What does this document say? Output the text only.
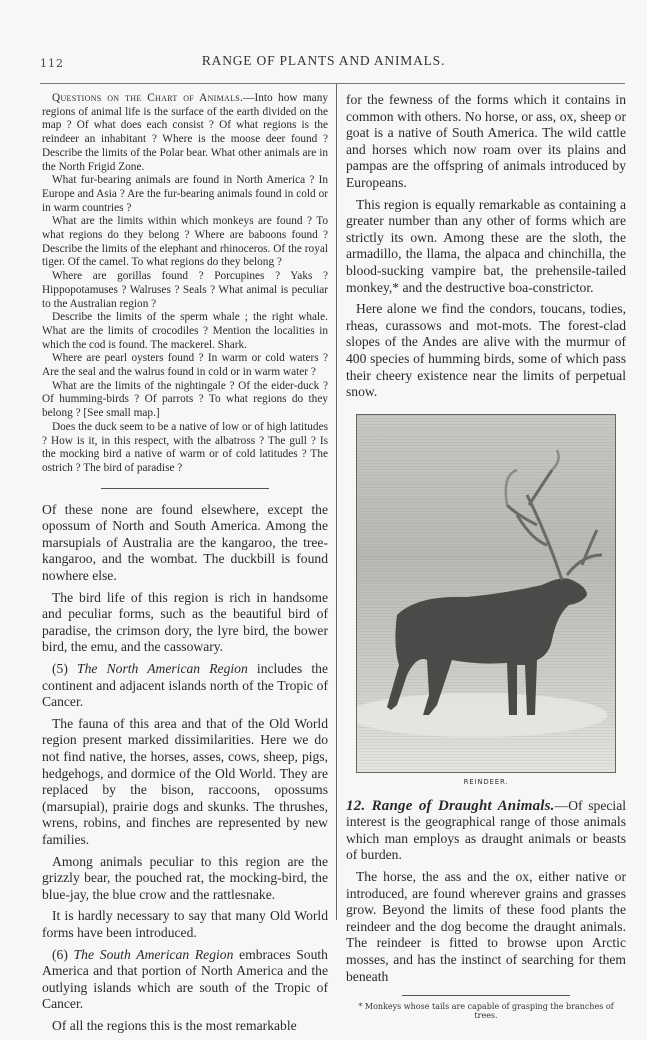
112	RANGE OF PLANTS AND ANIMALS.

Questions on the Chart of Animals.—Into how many regions of animal life is the surface of the earth divided on the map ? Of what does each consist ? Of what regions is the reindeer an inhabitant ? Where is the moose deer found ? Describe the limits of the Polar bear. What other animals are in the North Frigid Zone.

What fur-bearing animals are found in North America ? In Europe and Asia ? Are the fur-bearing animals found in cold or in warm countries ?

What are the limits within which monkeys are found ? To what regions do they belong ? Where are baboons found ? Describe the limits of the elephant and rhinoceros. Of the royal tiger. Of the camel. To what regions do they belong ?

Where are gorillas found ? Porcupines ? Yaks ? Hippopotamuses ? Walruses ? Seals ? What animal is peculiar to the Australian region ?

Describe the limits of the sperm whale ; the right whale. What are the limits of crocodiles ? Mention the localities in which the cod is found. The mackerel. Shark.

Where are pearl oysters found ? In warm or cold waters ? Are the seal and the walrus found in cold or in warm water ?

What are the limits of the nightingale ? Of the eider-duck ? Of humming-birds ? Of parrots ? To what regions do they belong ? [See small map.]

Does the duck seem to be a native of low or of high latitudes ? How is it, in this respect, with the albatross ? The gull ? Is the mocking bird a native of warm or of cold latitudes ? The ostrich ? The bird of paradise ?

Of these none are found elsewhere, except the opossum of North and South America. Among the marsupials of Australia are the kangaroo, the tree-kangaroo, and the wombat. The duckbill is found nowhere else.

The bird life of this region is rich in handsome and peculiar forms, such as the beautiful bird of paradise, the crimson dory, the lyre bird, the bower bird, the emu, and the cassowary.

(5) The North American Region includes the continent and adjacent islands north of the Tropic of Cancer.

The fauna of this area and that of the Old World region present marked dissimilarities. Here we do not find native, the horses, asses, cows, sheep, pigs, hedgehogs, and dormice of the Old World. They are replaced by the bison, raccoons, opossums (marsupial), prairie dogs and skunks. The thrushes, wrens, robins, and finches are represented by new families.

Among animals peculiar to this region are the grizzly bear, the pouched rat, the mocking-bird, the blue-jay, the blue crow and the rattlesnake.

It is hardly necessary to say that many Old World forms have been introduced.

(6) The South American Region embraces South America and that portion of North America and the outlying islands which are south of the Tropic of Cancer.

Of all the regions this is the most remarkable

for the fewness of the forms which it contains in common with others. No horse, or ass, ox, sheep or goat is a native of South America. The wild cattle and horses which now roam over its plains and pampas are the offspring of animals introduced by Europeans.

This region is equally remarkable as containing a greater number than any other of forms which are strictly its own. Among these are the sloth, the armadillo, the llama, the alpaca and chinchilla, the blood-sucking vampire bat, the prehensile-tailed monkey,* and the destructive boa-constrictor.

Here alone we find the condors, toucans, todies, rheas, curassows and mot-mots. The forest-clad slopes of the Andes are alive with the murmur of 400 species of humming birds, some of which pass their cheery existence near the limits of perpetual snow.

REINDEER.

12. Range of Draught Animals.—Of special interest is the geographical range of those animals which man employs as draught animals or beasts of burden.

The horse, the ass and the ox, either native or introduced, are found wherever grains and grasses grow. Beyond the limits of these food plants the reindeer and the dog become the draught animals. The reindeer is fitted to browse upon Arctic mosses, and has the instinct of searching for them beneath

* Monkeys whose tails are capable of grasping the branches of trees.
